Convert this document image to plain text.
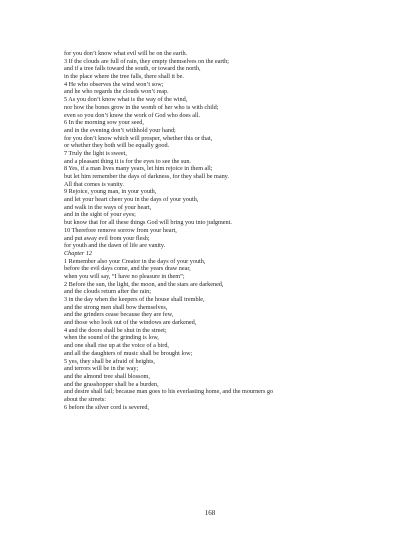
for you don’t know what evil will be on the earth.
3 If the clouds are full of rain, they empty themselves on the earth;
and if a tree falls toward the south, or toward the north,
in the place where the tree falls, there shall it be.
4 He who observes the wind won’t sow;
and he who regards the clouds won’t reap.
5 As you don’t know what is the way of the wind,
nor how the bones grow in the womb of her who is with child;
even so you don’t know the work of God who does all.
6 In the morning sow your seed,
and in the evening don’t withhold your hand;
for you don’t know which will prosper, whether this or that,
or whether they both will be equally good.
7 Truly the light is sweet,
and a pleasant thing it is for the eyes to see the sun.
8 Yes, if a man lives many years, let him rejoice in them all;
but let him remember the days of darkness, for they shall be many.
All that comes is vanity.
9 Rejoice, young man, in your youth,
and let your heart cheer you in the days of your youth,
and walk in the ways of your heart,
and in the sight of your eyes;
but know that for all these things God will bring you into judgment.
10 Therefore remove sorrow from your heart,
and put away evil from your flesh;
for youth and the dawn of life are vanity.
Chapter 12
1 Remember also your Creator in the days of your youth,
before the evil days come, and the years draw near,
when you will say, “I have no pleasure in them”;
2 Before the sun, the light, the moon, and the stars are darkened,
and the clouds return after the rain;
3 in the day when the keepers of the house shall tremble,
and the strong men shall bow themselves,
and the grinders cease because they are few,
and those who look out of the windows are darkened,
4 and the doors shall be shut in the street;
when the sound of the grinding is low,
and one shall rise up at the voice of a bird,
and all the daughters of music shall be brought low;
5 yes, they shall be afraid of heights,
and terrors will be in the way;
and the almond tree shall blossom,
and the grasshopper shall be a burden,
and desire shall fail; because man goes to his everlasting home, and the mourners go
about the streets:
6 before the silver cord is severed,
168
